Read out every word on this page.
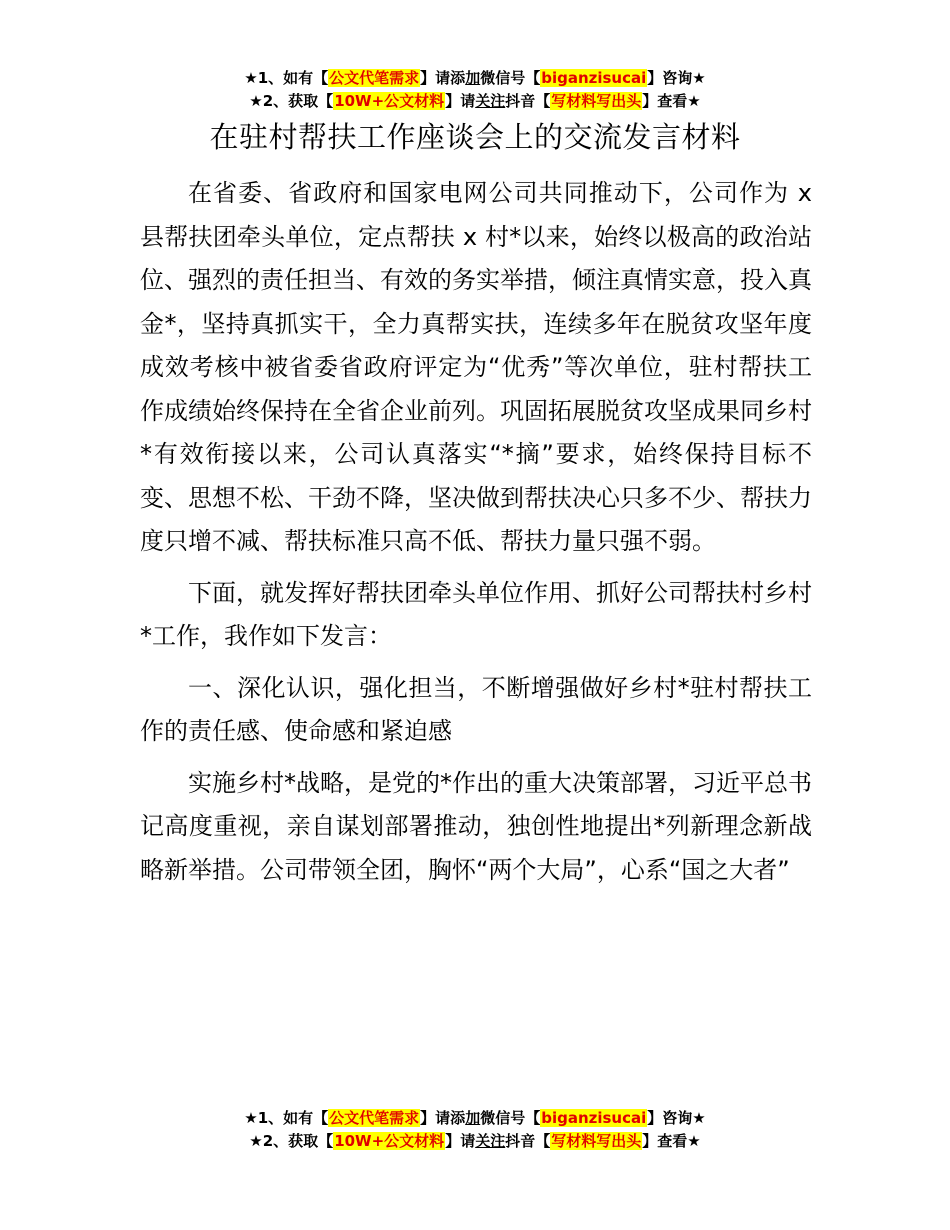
★1、如有【公文代笔需求】请添加微信号【biganzisucai】咨询★
★2、获取【10W+公文材料】请关注抖音【写材料写出头】查看★
在驻村帮扶工作座谈会上的交流发言材料

在省委、省政府和国家电网公司共同推动下，公司作为 x 县帮扶团牵头单位，定点帮扶 x 村*以来，始终以极高的政治站位、强烈的责任担当、有效的务实举措，倾注真情实意，投入真金*，坚持真抓实干，全力真帮实扶，连续多年在脱贫攻坚年度成效考核中被省委省政府评定为“优秀”等次单位，驻村帮扶工作成绩始终保持在全省企业前列。巩固拓展脱贫攻坚成果同乡村*有效衔接以来，公司认真落实“*摘”要求，始终保持目标不变、思想不松、干劲不降，坚决做到帮扶决心只多不少、帮扶力度只增不减、帮扶标准只高不低、帮扶力量只强不弱。

下面，就发挥好帮扶团牵头单位作用、抓好公司帮扶村乡村*工作，我作如下发言：

一、深化认识，强化担当，不断增强做好乡村*驻村帮扶工作的责任感、使命感和紧迫感

实施乡村*战略，是党的*作出的重大决策部署，习近平总书记高度重视，亲自谋划部署推动，独创性地提出*列新理念新战略新举措。公司带领全团，胸怀“两个大局”，心系“国之大者”

★1、如有【公文代笔需求】请添加微信号【biganzisucai】咨询★
★2、获取【10W+公文材料】请关注抖音【写材料写出头】查看★
